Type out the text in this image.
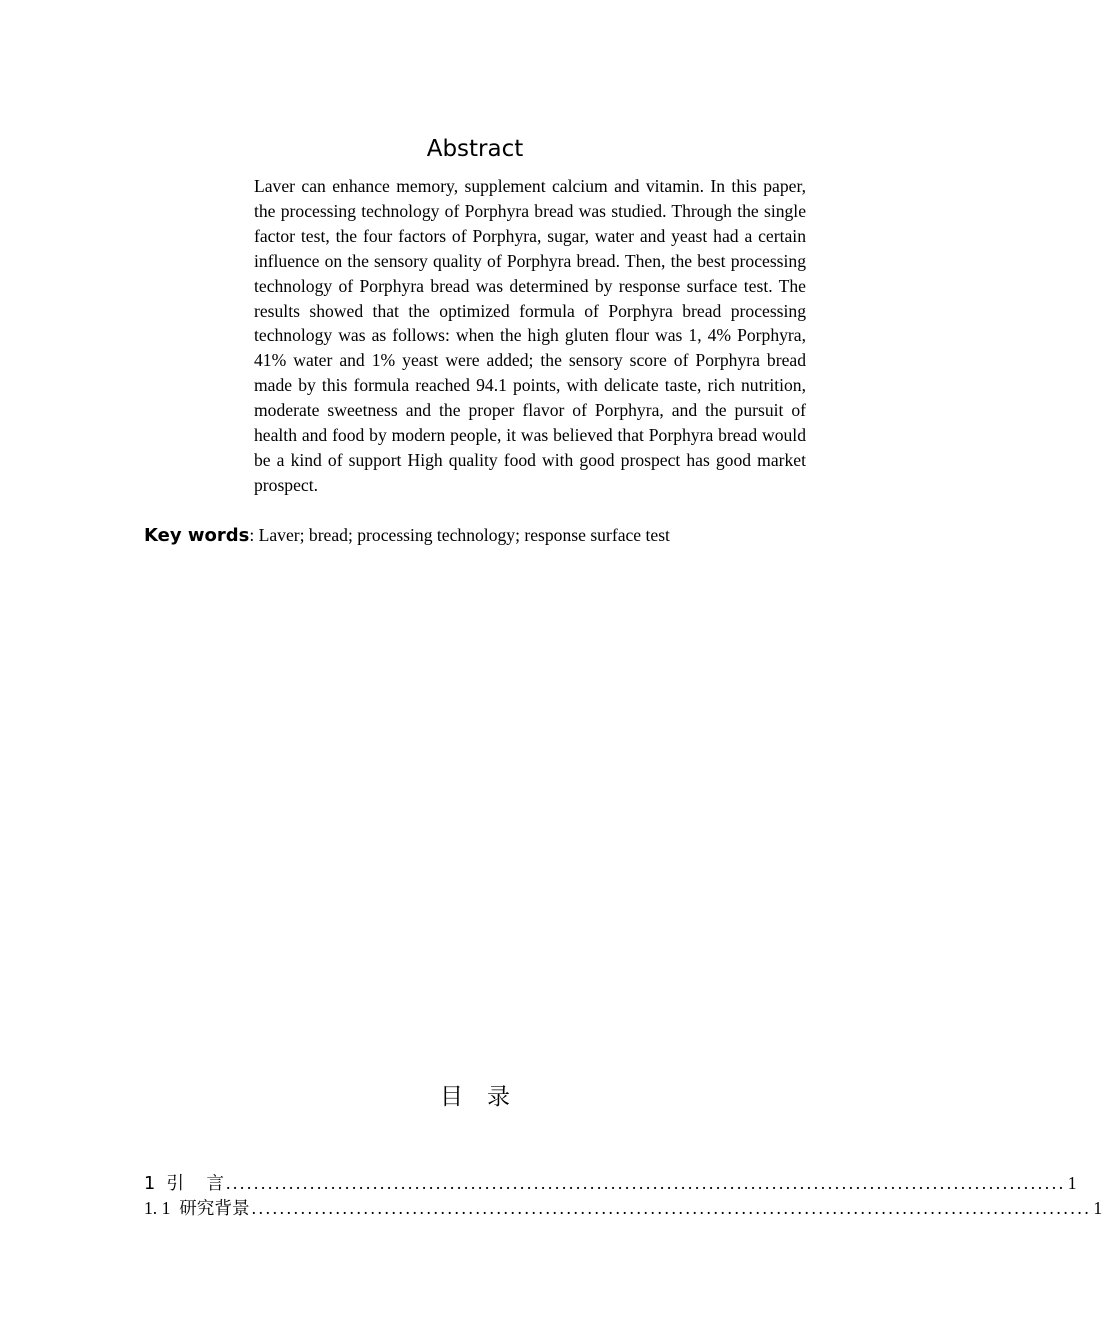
Abstract
Laver can enhance memory, supplement calcium and vitamin. In this paper, the processing technology of Porphyra bread was studied. Through the single factor test, the four factors of Porphyra, sugar, water and yeast had a certain influence on the sensory quality of Porphyra bread. Then, the best processing technology of Porphyra bread was determined by response surface test. The results showed that the optimized formula of Porphyra bread processing technology was as follows: when the high gluten flour was 1, 4% Porphyra, 41% water and 1% yeast were added; the sensory score of Porphyra bread made by this formula reached 94.1 points, with delicate taste, rich nutrition, moderate sweetness and the proper flavor of Porphyra, and the pursuit of health and food by modern people, it was believed that Porphyra bread would be a kind of support High quality food with good prospect has good market prospect.
Key words: Laver; bread; processing technology; response surface test
目录
1  引    言 ........................................................................................................................ 1
1. 1  研究背景 ........................................................................................................................ 1
